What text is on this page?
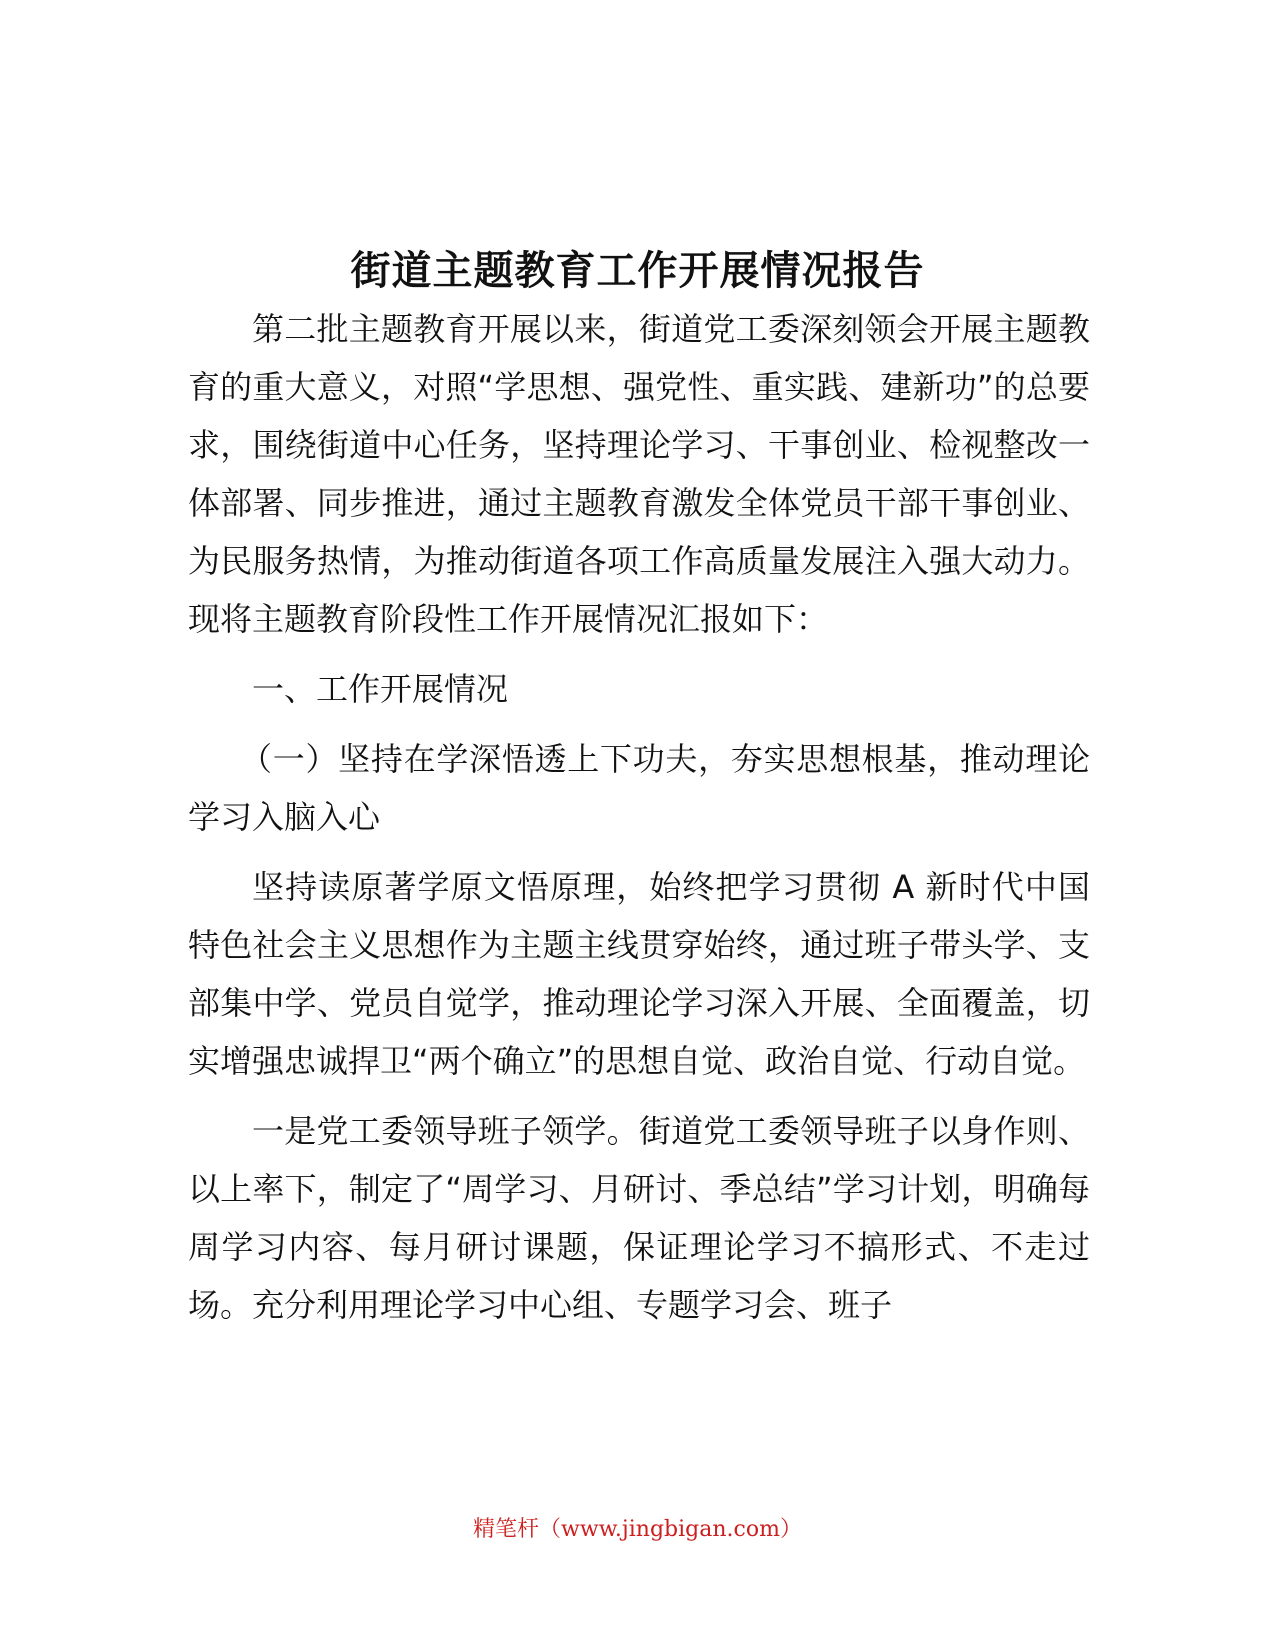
街道主题教育工作开展情况报告

第二批主题教育开展以来，街道党工委深刻领会开展主题教育的重大意义，对照“学思想、强党性、重实践、建新功”的总要求，围绕街道中心任务，坚持理论学习、干事创业、检视整改一体部署、同步推进，通过主题教育激发全体党员干部干事创业、为民服务热情，为推动街道各项工作高质量发展注入强大动力。现将主题教育阶段性工作开展情况汇报如下：

一、工作开展情况

（一）坚持在学深悟透上下功夫，夯实思想根基，推动理论学习入脑入心

坚持读原著学原文悟原理，始终把学习贯彻 A 新时代中国特色社会主义思想作为主题主线贯穿始终，通过班子带头学、支部集中学、党员自觉学，推动理论学习深入开展、全面覆盖，切实增强忠诚捍卫“两个确立”的思想自觉、政治自觉、行动自觉。

一是党工委领导班子领学。街道党工委领导班子以身作则、以上率下，制定了“周学习、月研讨、季总结”学习计划，明确每周学习内容、每月研讨课题，保证理论学习不搞形式、不走过场。充分利用理论学习中心组、专题学习会、班子

精笔杆（www.jingbigan.com）
